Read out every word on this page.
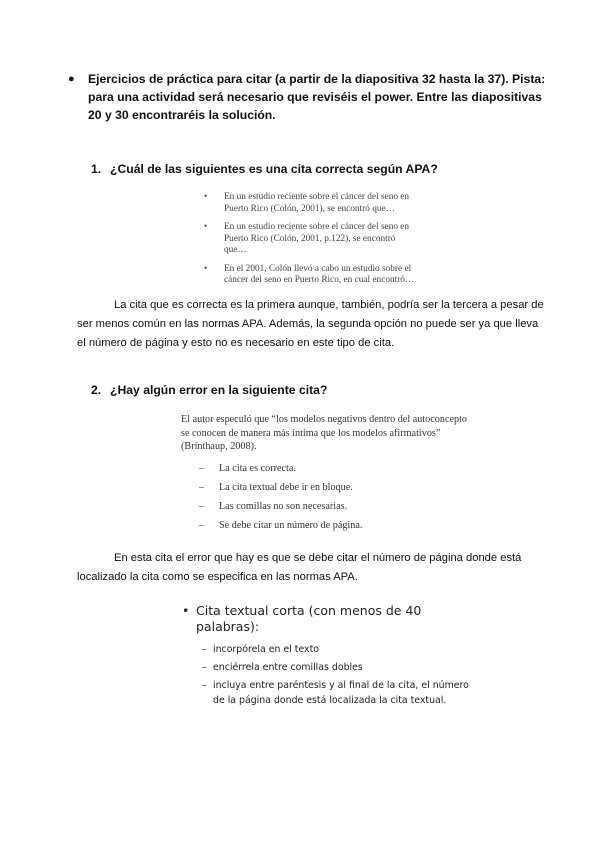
● Ejercicios de práctica para citar (a partir de la diapositiva 32 hasta la 37). Pista: para una actividad será necesario que reviséis el power. Entre las diapositivas 20 y 30 encontraréis la solución.
1. ¿Cuál de las siguientes es una cita correcta según APA?
• En un estudio reciente sobre el cáncer del seno en Puerto Rico (Colón, 2001), se encontró que…
• En un estudio reciente sobre el cáncer del seno en Puerto Rico (Colón, 2001, p.122), se encontró que…
• En el 2001, Colón llevó a cabo un estudio sobre el cáncer del seno en Puerto Rico, en cual encontró…
La cita que es correcta es la primera aunque, también, podría ser la tercera a pesar de ser menos común en las normas APA. Además, la segunda opción no puede ser ya que lleva el número de página y esto no es necesario en este tipo de cita.
2. ¿Hay algún error en la siguiente cita?
El autor especuló que “los modelos negativos dentro del autoconcepto se conocen de manera más íntima que los modelos afirmativos” (Brinthaup, 2008).
– La cita es correcta.
– La cita textual debe ir en bloque.
– Las comillas no son necesarias.
– Se debe citar un número de página.
En esta cita el error que hay es que se debe citar el número de página donde está localizado la cita como se especifica en las normas APA.
• Cita textual corta (con menos de 40 palabras):
– incorpórela en el texto
– enciérrela entre comillas dobles
– incluya entre paréntesis y al final de la cita, el número de la página donde está localizada la cita textual.
